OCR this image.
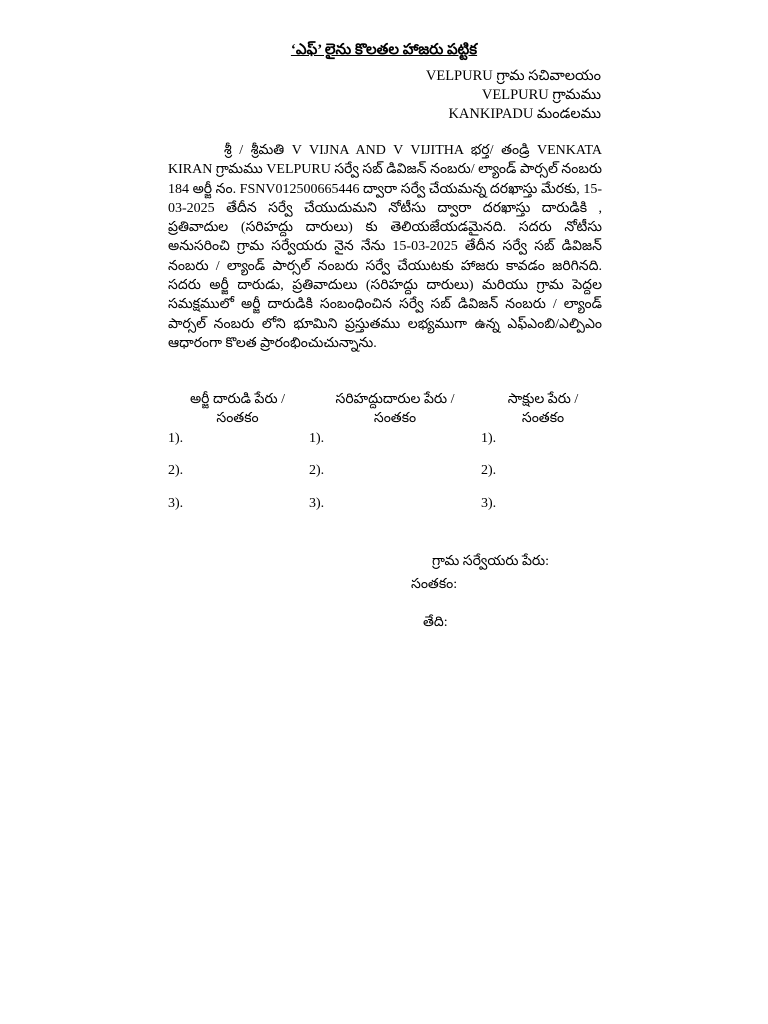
‘ఎఫ్’ లైను కొలతల హాజరు పట్టిక
VELPURU గ్రామ సచివాలయం
VELPURU గ్రామము
KANKIPADU మండలము
శ్రీ / శ్రీమతి V VIJNA AND V VIJITHA భర్త/ తండ్రి VENKATA KIRAN గ్రామము VELPURU సర్వే సబ్ డివిజన్ నంబరు/ ల్యాండ్ పార్సల్ నంబరు 184 అర్జీ నం. FSNV012500665446 ద్వారా సర్వే చేయమన్న దరఖాస్తు మేరకు, 15-03-2025 తేదీన సర్వే చేయుదుమని నోటీసు ద్వారా దరఖాస్తు దారుడికి , ప్రతివాదుల (సరిహద్దు దారులు) కు తెలియజేయడమైనది. సదరు నోటీసు అనుసరించి గ్రామ సర్వేయరు నైన నేను 15-03-2025 తేదీన సర్వే సబ్ డివిజన్ నంబరు / ల్యాండ్ పార్సల్ నంబరు సర్వే చేయుటకు హాజరు కావడం జరిగినది. సదరు అర్జీ దారుడు, ప్రతివాదులు (సరిహద్దు దారులు) మరియు గ్రామ పెద్దల సమక్షములో అర్జీ దారుడికి సంబంధించిన సర్వే సబ్ డివిజన్ నంబరు / ల్యాండ్ పార్సల్ నంబరు లోని భూమిని ప్రస్తుతము లభ్యముగా ఉన్న ఎఫ్ఎంబి/ఎల్పిఎం ఆధారంగా కొలత ప్రారంభించుచున్నాను.
అర్జీ దారుడి పేరు /
సంతకం
సరిహద్దుదారుల పేరు /
సంతకం
సాక్షుల పేరు /
సంతకం
1).
2).
3).
1).
2).
3).
1).
2).
3).
గ్రామ సర్వేయరు పేరు:
సంతకం:
తేది:
